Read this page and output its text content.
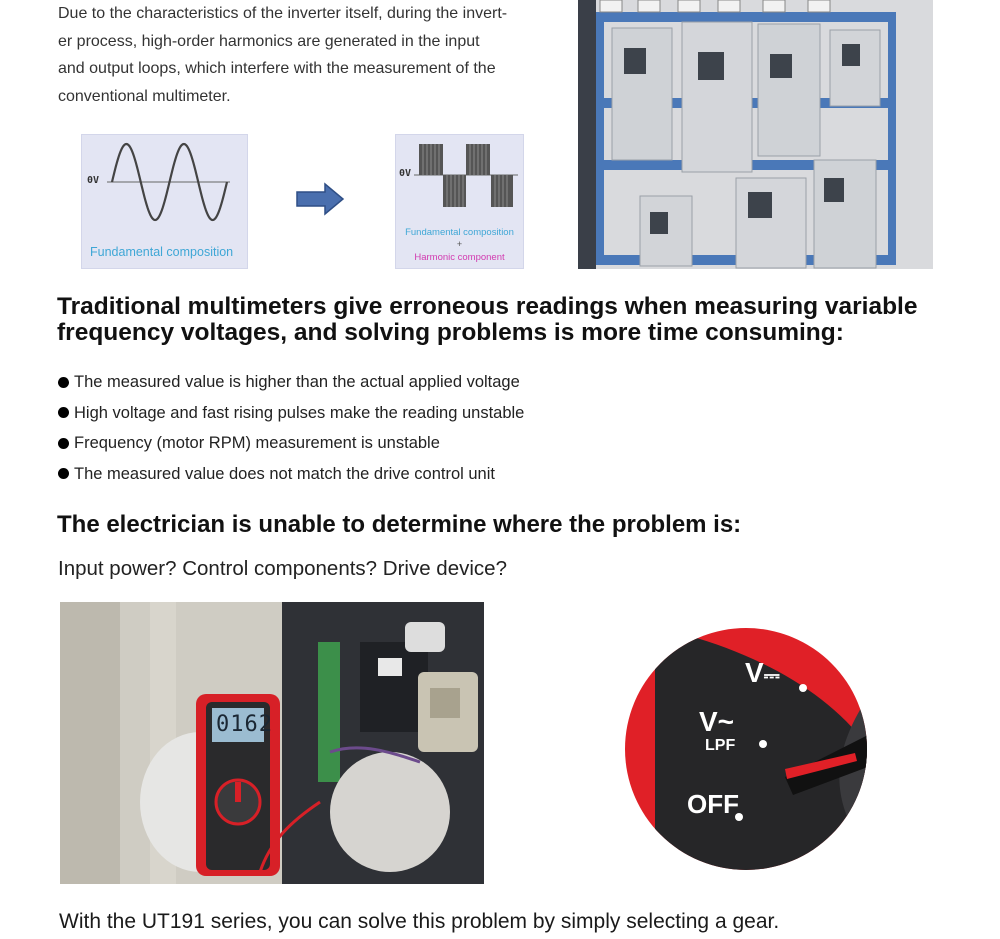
Due to the characteristics of the inverter itself, during the invert-
er process, high-order harmonics are generated in the input
and output loops, which interfere with the measurement of the
conventional multimeter.
0V
Fundamental composition
0V
Fundamental composition
+
Harmonic component
Traditional multimeters give erroneous readings when measuring variable
frequency voltages, and solving problems is more time consuming:
The measured value is higher than the actual applied voltage
High voltage and fast rising pulses make the reading unstable
Frequency (motor RPM) measurement is unstable
The measured value does not match the drive control unit
The electrician is unable to determine where the problem is:
Input power? Control components? Drive device?
0162
V⎓
V~
LPF
OFF
With the UT191 series, you can solve this problem by simply selecting a gear.
